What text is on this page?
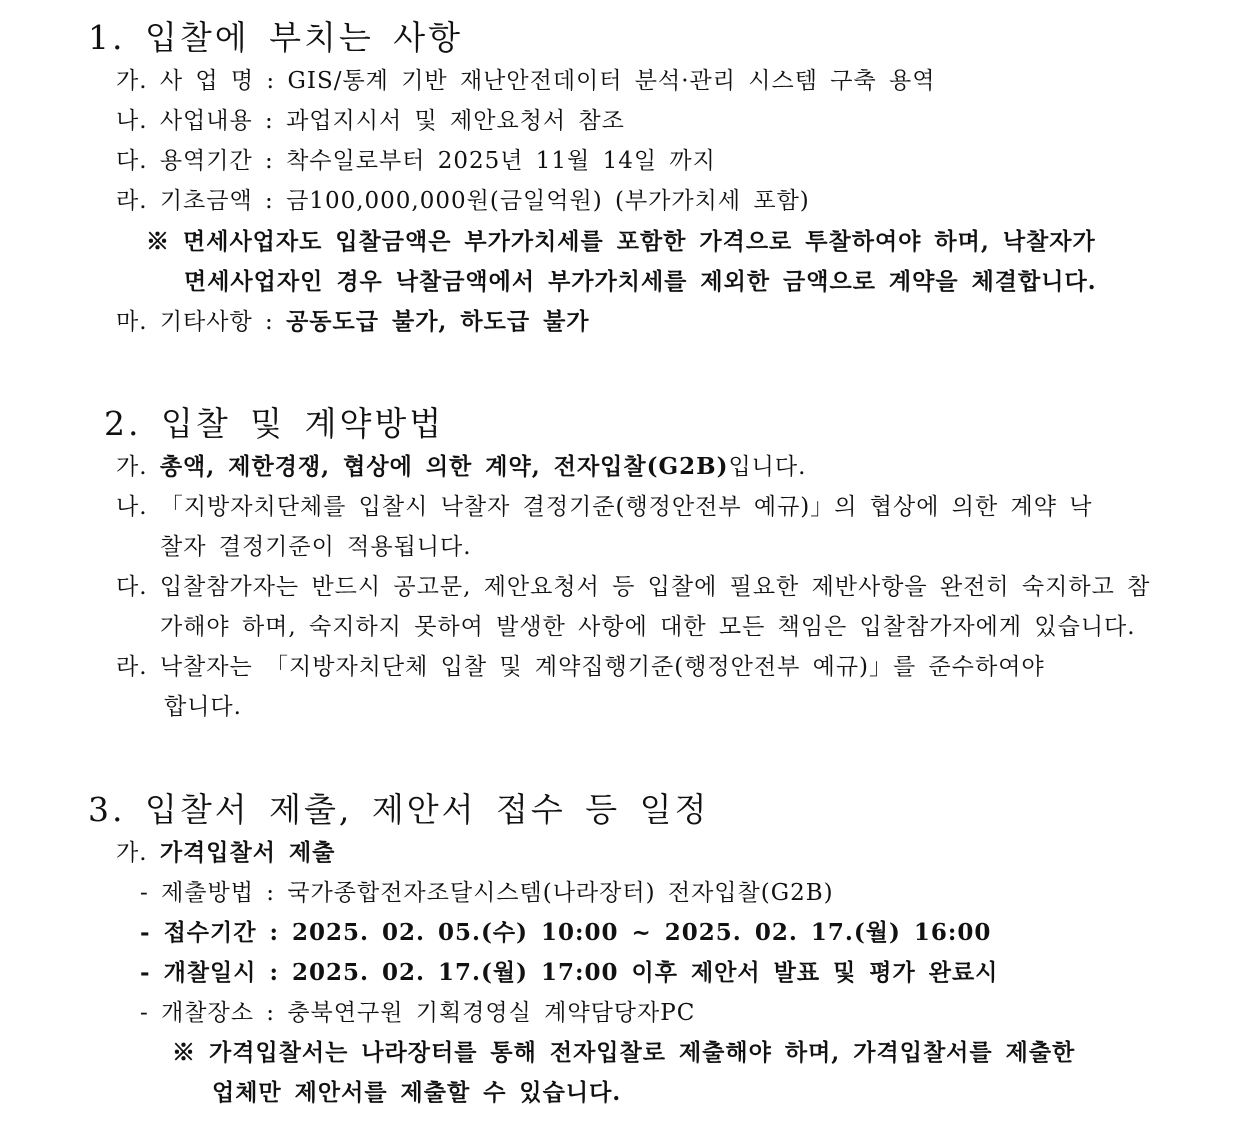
1. 입찰에 부치는 사항
가. 사 업 명 : GIS/통계 기반 재난안전데이터 분석·관리 시스템 구축 용역
나. 사업내용 : 과업지시서 및 제안요청서 참조
다. 용역기간 : 착수일로부터 2025년 11월 14일 까지
라. 기초금액 : 금100,000,000원(금일억원) (부가가치세 포함)
※ 면세사업자도 입찰금액은 부가가치세를 포함한 가격으로 투찰하여야 하며, 낙찰자가
면세사업자인 경우 낙찰금액에서 부가가치세를 제외한 금액으로 계약을 체결합니다.
마. 기타사항 : 공동도급 불가, 하도급 불가
2. 입찰 및 계약방법
가. 총액, 제한경쟁, 협상에 의한 계약, 전자입찰(G2B)입니다.
나. 「지방자치단체를 입찰시 낙찰자 결정기준(행정안전부 예규)」의 협상에 의한 계약 낙
찰자 결정기준이 적용됩니다.
다. 입찰참가자는 반드시 공고문, 제안요청서 등 입찰에 필요한 제반사항을 완전히 숙지하고 참
가해야 하며, 숙지하지 못하여 발생한 사항에 대한 모든 책임은 입찰참가자에게 있습니다.
라. 낙찰자는 「지방자치단체 입찰 및 계약집행기준(행정안전부 예규)」를 준수하여야
합니다.
3. 입찰서 제출, 제안서 접수 등 일정
가. 가격입찰서 제출
- 제출방법 : 국가종합전자조달시스템(나라장터) 전자입찰(G2B)
- 접수기간 : 2025. 02. 05.(수) 10:00 ~ 2025. 02. 17.(월) 16:00
- 개찰일시 : 2025. 02. 17.(월) 17:00 이후 제안서 발표 및 평가 완료시
- 개찰장소 : 충북연구원 기획경영실 계약담당자PC
※ 가격입찰서는 나라장터를 통해 전자입찰로 제출해야 하며, 가격입찰서를 제출한
업체만 제안서를 제출할 수 있습니다.
